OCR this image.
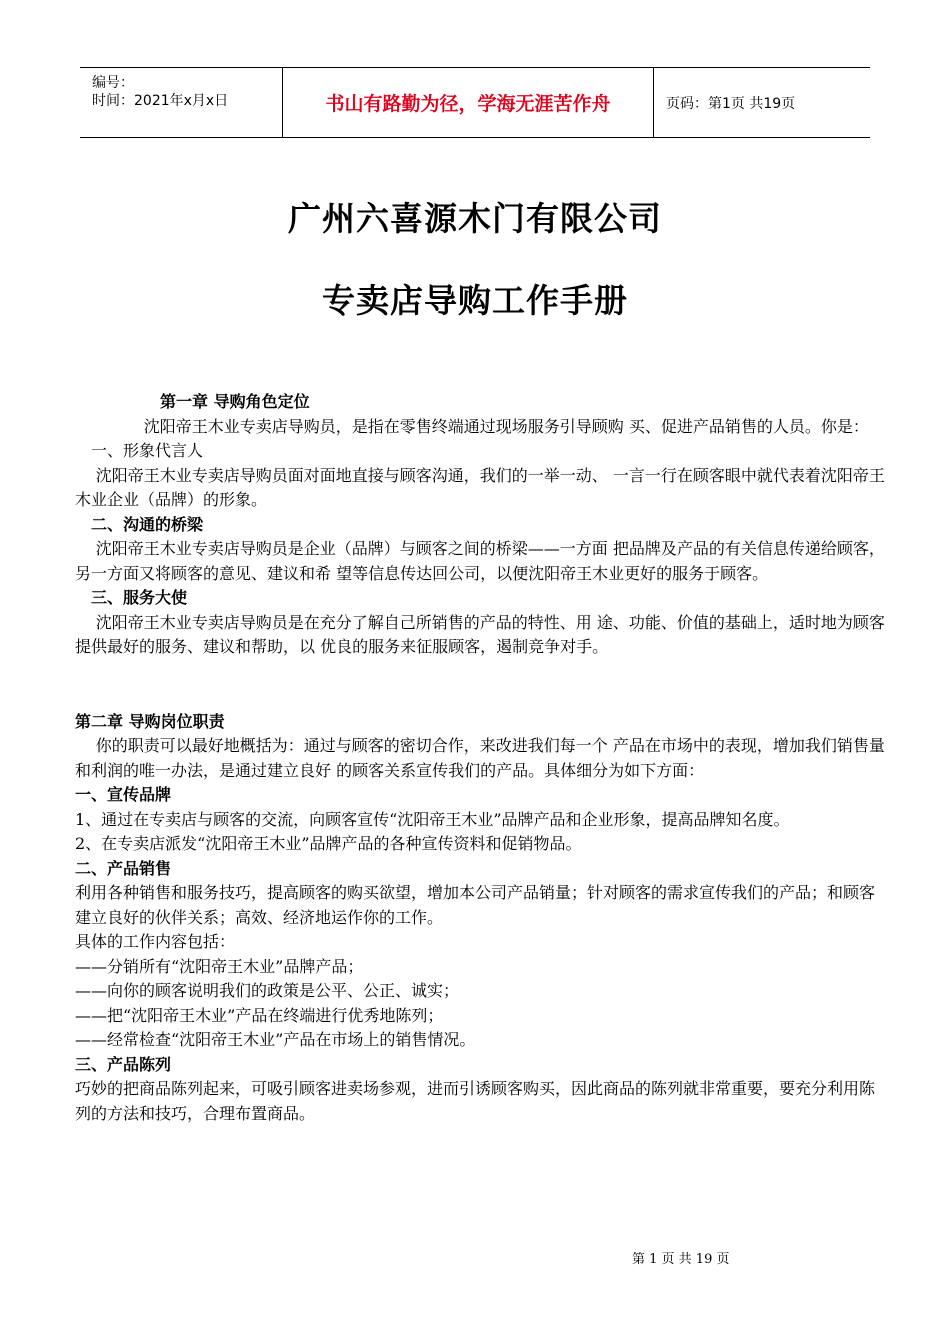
编号：
时间：2021年x月x日	书山有路勤为径，学海无涯苦作舟	页码：第1页 共19页
广州六喜源木门有限公司
专卖店导购工作手册

第一章 导购角色定位

沈阳帝王木业专卖店导购员，是指在零售终端通过现场服务引导顾购 买、促进产品销售的人员。你是：

一、形象代言人

沈阳帝王木业专卖店导购员面对面地直接与顾客沟通，我们的一举一动、 一言一行在顾客眼中就代表着沈阳帝王木业企业（品牌）的形象。

二、沟通的桥梁

沈阳帝王木业专卖店导购员是企业（品牌）与顾客之间的桥梁——一方面 把品牌及产品的有关信息传递给顾客，另一方面又将顾客的意见、建议和希 望等信息传达回公司，以便沈阳帝王木业更好的服务于顾客。

三、服务大使

沈阳帝王木业专卖店导购员是在充分了解自己所销售的产品的特性、用 途、功能、价值的基础上，适时地为顾客提供最好的服务、建议和帮助，以 优良的服务来征服顾客，遏制竞争对手。

第二章 导购岗位职责

你的职责可以最好地概括为：通过与顾客的密切合作，来改进我们每一个 产品在市场中的表现，增加我们销售量和利润的唯一办法，是通过建立良好 的顾客关系宣传我们的产品。具体细分为如下方面：

一、宣传品牌

1、通过在专卖店与顾客的交流，向顾客宣传“沈阳帝王木业”品牌产品和企业形象，提高品牌知名度。

2、在专卖店派发“沈阳帝王木业”品牌产品的各种宣传资料和促销物品。

二、产品销售

利用各种销售和服务技巧，提高顾客的购买欲望，增加本公司产品销量；针对顾客的需求宣传我们的产品；和顾客建立良好的伙伴关系；高效、经济地运作你的工作。

具体的工作内容包括：

——分销所有“沈阳帝王木业”品牌产品；

——向你的顾客说明我们的政策是公平、公正、诚实；

——把“沈阳帝王木业”产品在终端进行优秀地陈列；

——经常检查“沈阳帝王木业”产品在市场上的销售情况。

三、产品陈列

巧妙的把商品陈列起来，可吸引顾客进卖场参观，进而引诱顾客购买，因此商品的陈列就非常重要，要充分利用陈列的方法和技巧，合理布置商品。

第 1 页 共 19 页
